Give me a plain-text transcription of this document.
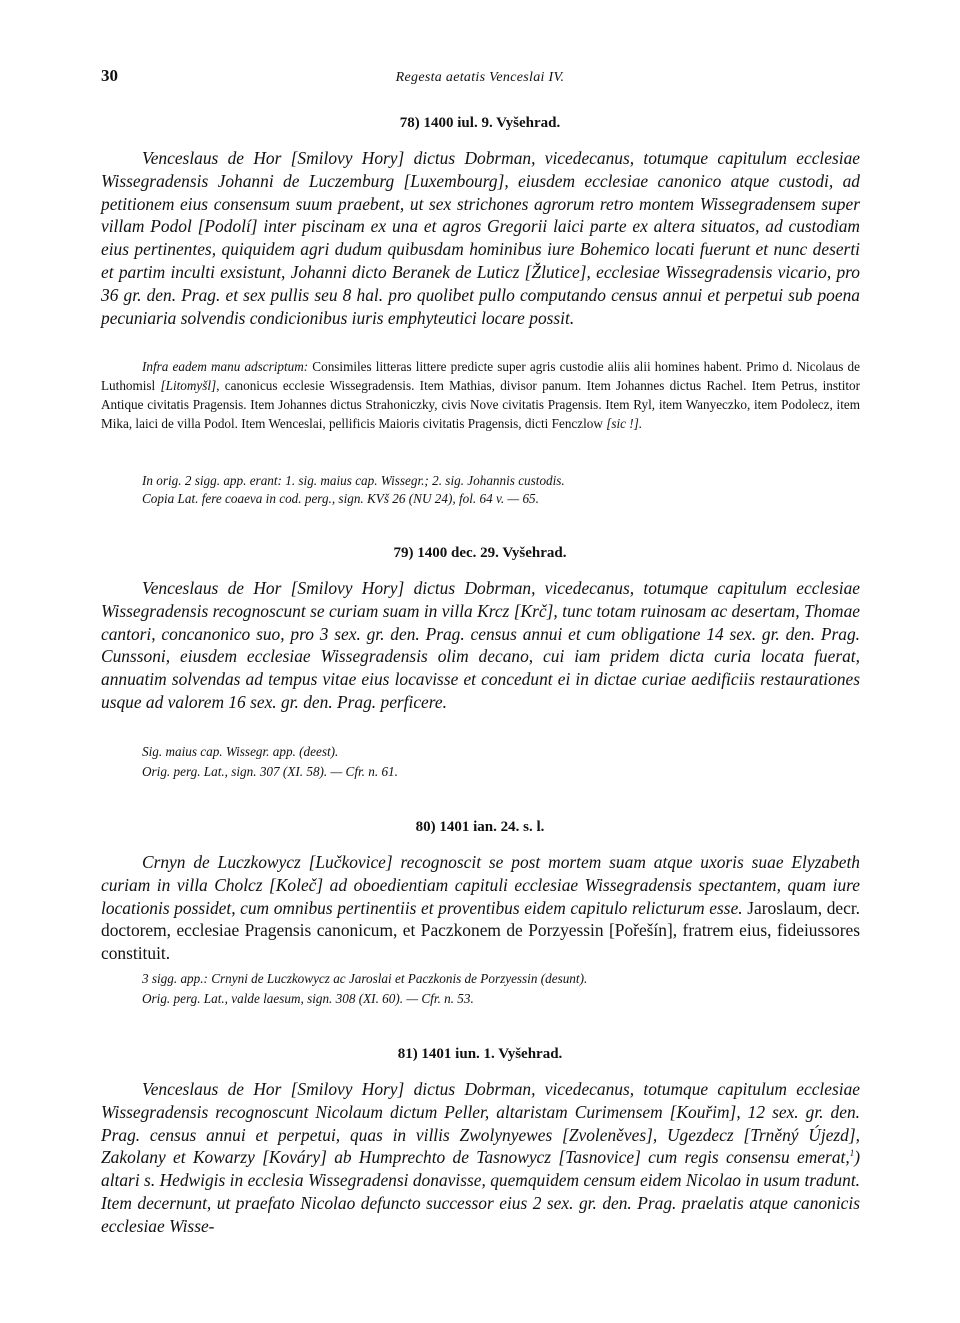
30	Regesta aetatis Venceslai IV.
78) 1400 iul. 9. Vyšehrad.

Venceslaus de Hor [Smilovy Hory] dictus Dobrman, vicedecanus, totumque capitulum ecclesiae Wissegradensis Johanni de Luczemburg [Luxembourg], eiusdem ecclesiae canonico atque custodi, ad petitionem eius consensum suum praebent, ut sex strichones agrorum retro montem Wissegradensem super villam Podol [Podolí] inter piscinam ex una et agros Gregorii laici parte ex altera situatos, ad custodiam eius pertinentes, quiquidem agri dudum quibusdam hominibus iure Bohemico locati fuerunt et nunc deserti et partim inculti exsistunt, Johanni dicto Beranek de Luticz [Žlutice], ecclesiae Wissegradensis vicario, pro 36 gr. den. Prag. et sex pullis seu 8 hal. pro quolibet pullo computando census annui et perpetui sub poena pecuniaria solvendis condicionibus iuris emphyteutici locare possit.

Infra eadem manu adscriptum: Consimiles litteras littere predicte super agris custodie aliis alii homines habent. Primo d. Nicolaus de Luthomisl [Litomyšl], canonicus ecclesie Wissegradensis. Item Mathias, divisor panum. Item Johannes dictus Rachel. Item Petrus, institor Antique civitatis Pragensis. Item Johannes dictus Strahoniczky, civis Nove civitatis Pragensis. Item Ryl, item Wanyeczko, item Podolecz, item Mika, laici de villa Podol. Item Wenceslai, pellificis Maioris civitatis Pragensis, dicti Fenczlow [sic !].

In orig. 2 sigg. app. erant: 1. sig. maius cap. Wissegr.; 2. sig. Johannis custodis.

Copia Lat. fere coaeva in cod. perg., sign. KVš 26 (NU 24), fol. 64 v. — 65.

79) 1400 dec. 29. Vyšehrad.

Venceslaus de Hor [Smilovy Hory] dictus Dobrman, vicedecanus, totumque capitulum ecclesiae Wissegradensis recognoscunt se curiam suam in villa Krcz [Krč], tunc totam ruinosam ac desertam, Thomae cantori, concanonico suo, pro 3 sex. gr. den. Prag. census annui et cum obligatione 14 sex. gr. den. Prag. Cunssoni, eiusdem ecclesiae Wissegradensis olim decano, cui iam pridem dicta curia locata fuerat, annuatim solvendas ad tempus vitae eius locavisse et concedunt ei in dictae curiae aedificiis restaurationes usque ad valorem 16 sex. gr. den. Prag. perficere.

Sig. maius cap. Wissegr. app. (deest).

Orig. perg. Lat., sign. 307 (XI. 58). — Cfr. n. 61.

80) 1401 ian. 24. s. l.

Crnyn de Luczkowycz [Lučkovice] recognoscit se post mortem suam atque uxoris suae Elyzabeth curiam in villa Cholcz [Koleč] ad oboedientiam capituli ecclesiae Wissegradensis spectantem, quam iure locationis possidet, cum omnibus pertinentiis et proventibus eidem capitulo relicturum esse. Jaroslaum, decr. doctorem, ecclesiae Pragensis canonicum, et Paczkonem de Porzyessin [Pořešín], fratrem eius, fideiussores constituit.

3 sigg. app.: Crnyni de Luczkowycz ac Jaroslai et Paczkonis de Porzyessin (desunt).

Orig. perg. Lat., valde laesum, sign. 308 (XI. 60). — Cfr. n. 53.

81) 1401 iun. 1. Vyšehrad.

Venceslaus de Hor [Smilovy Hory] dictus Dobrman, vicedecanus, totumque capitulum ecclesiae Wissegradensis recognoscunt Nicolaum dictum Peller, altaristam Curimensem [Kouřim], 12 sex. gr. den. Prag. census annui et perpetui, quas in villis Zwolynyewes [Zvoleněves], Ugezdecz [Trněný Újezd], Zakolany et Kowarzy [Kováry] ab Humprechto de Tasnowycz [Tasnovice] cum regis consensu emerat,$^1$) altari s. Hedwigis in ecclesia Wissegradensi donavisse, quemquidem censum eidem Nicolao in usum tradunt. Item decernunt, ut praefato Nicolao defuncto successor eius 2 sex. gr. den. Prag. praelatis atque canonicis ecclesiae Wisse-
